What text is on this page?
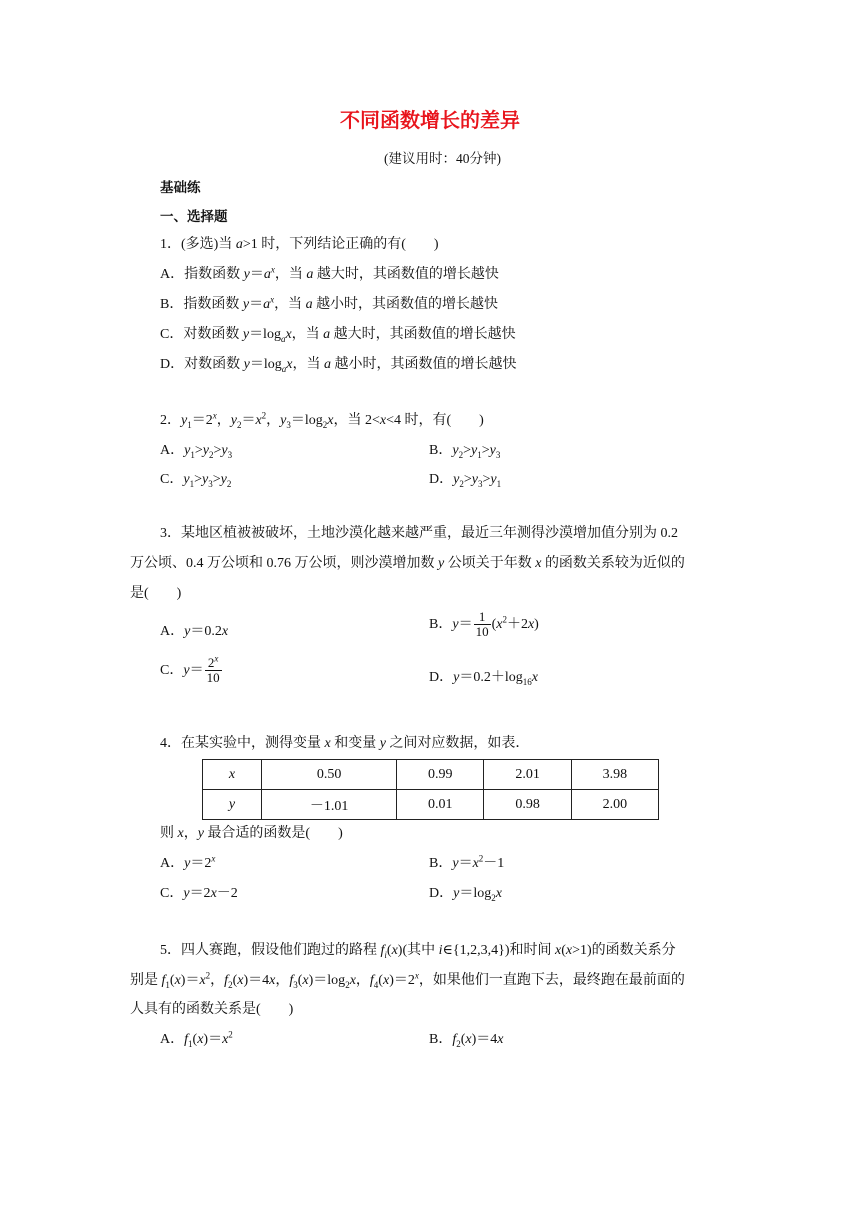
不同函数增长的差异
(建议用时：40分钟)
基础练
一、选择题
1．(多选)当 a>1 时，下列结论正确的有(　　)
A．指数函数 $y=a^x$，当 a 越大时，其函数值的增长越快
B．指数函数 $y=a^x$，当 a 越小时，其函数值的增长越快
C．对数函数 $y=\log_ax$，当 a 越大时，其函数值的增长越快
D．对数函数 $y=\log_ax$，当 a 越小时，其函数值的增长越快
2．$y_1=2^x$，$y_2=x^2$，$y_3=\log_2x$，当 2<x<4 时，有(　　)
A．$y_1>y_2>y_3$	B．$y_2>y_1>y_3$
C．$y_1>y_3>y_2$	D．$y_2>y_3>y_1$
3．某地区植被被破坏，土地沙漠化越来越严重，最近三年测得沙漠增加值分别为 0.2
万公顷、0.4 万公顷和 0.76 万公顷，则沙漠增加数 y 公顷关于年数 x 的函数关系较为近似的
是(　　)
A．y＝0.2x	B．$y= \frac{1}{10} (x^2+2x)$
C．$y= \frac{2^x}{10}$	D．$y=0.2+\log_{16}x$
4．在某实验中，测得变量 x 和变量 y 之间对应数据，如表．
x	0.50	0.99	2.01	3.98
y	－1.01	0.01	0.98	2.00
则 x，y 最合适的函数是(　　)
A．$y=2^x$	B．$y=x^2-1$
C．y＝2x－2	D．$y=\log_2x$
5．四人赛跑，假设他们跑过的路程 $f_i(x)$(其中 i∈{1,2,3,4})和时间 x(x>1)的函数关系分
别是 $f_1(x)=x^2$，$f_2(x)=4x$，$f_3(x)=\log_2x$，$f_4(x)=2^x$，如果他们一直跑下去，最终跑在最前面的
人具有的函数关系是(　　)
A．$f_1(x)=x^2$	B．$f_2(x)=4x$
